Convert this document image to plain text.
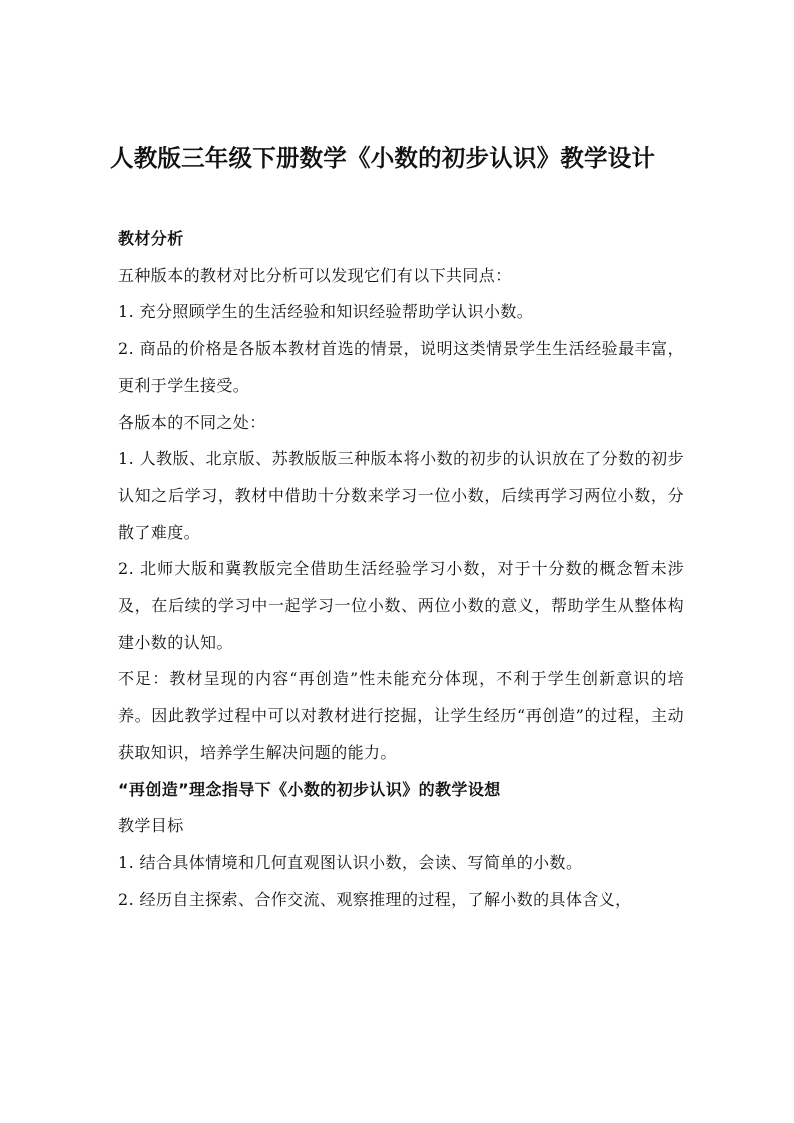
人教版三年级下册数学《小数的初步认识》教学设计

教材分析

五种版本的教材对比分析可以发现它们有以下共同点：

1. 充分照顾学生的生活经验和知识经验帮助学认识小数。

2. 商品的价格是各版本教材首选的情景，说明这类情景学生生活经验最丰富，更利于学生接受。

各版本的不同之处：

1. 人教版、北京版、苏教版版三种版本将小数的初步的认识放在了分数的初步认知之后学习，教材中借助十分数来学习一位小数，后续再学习两位小数，分散了难度。

2. 北师大版和冀教版完全借助生活经验学习小数，对于十分数的概念暂未涉及，在后续的学习中一起学习一位小数、两位小数的意义，帮助学生从整体构建小数的认知。

不足：教材呈现的内容“再创造”性未能充分体现，不利于学生创新意识的培养。因此教学过程中可以对教材进行挖掘，让学生经历“再创造”的过程，主动获取知识，培养学生解决问题的能力。

“再创造”理念指导下《小数的初步认识》的教学设想

教学目标

1. 结合具体情境和几何直观图认识小数，会读、写简单的小数。

2. 经历自主探索、合作交流、观察推理的过程，了解小数的具体含义，
